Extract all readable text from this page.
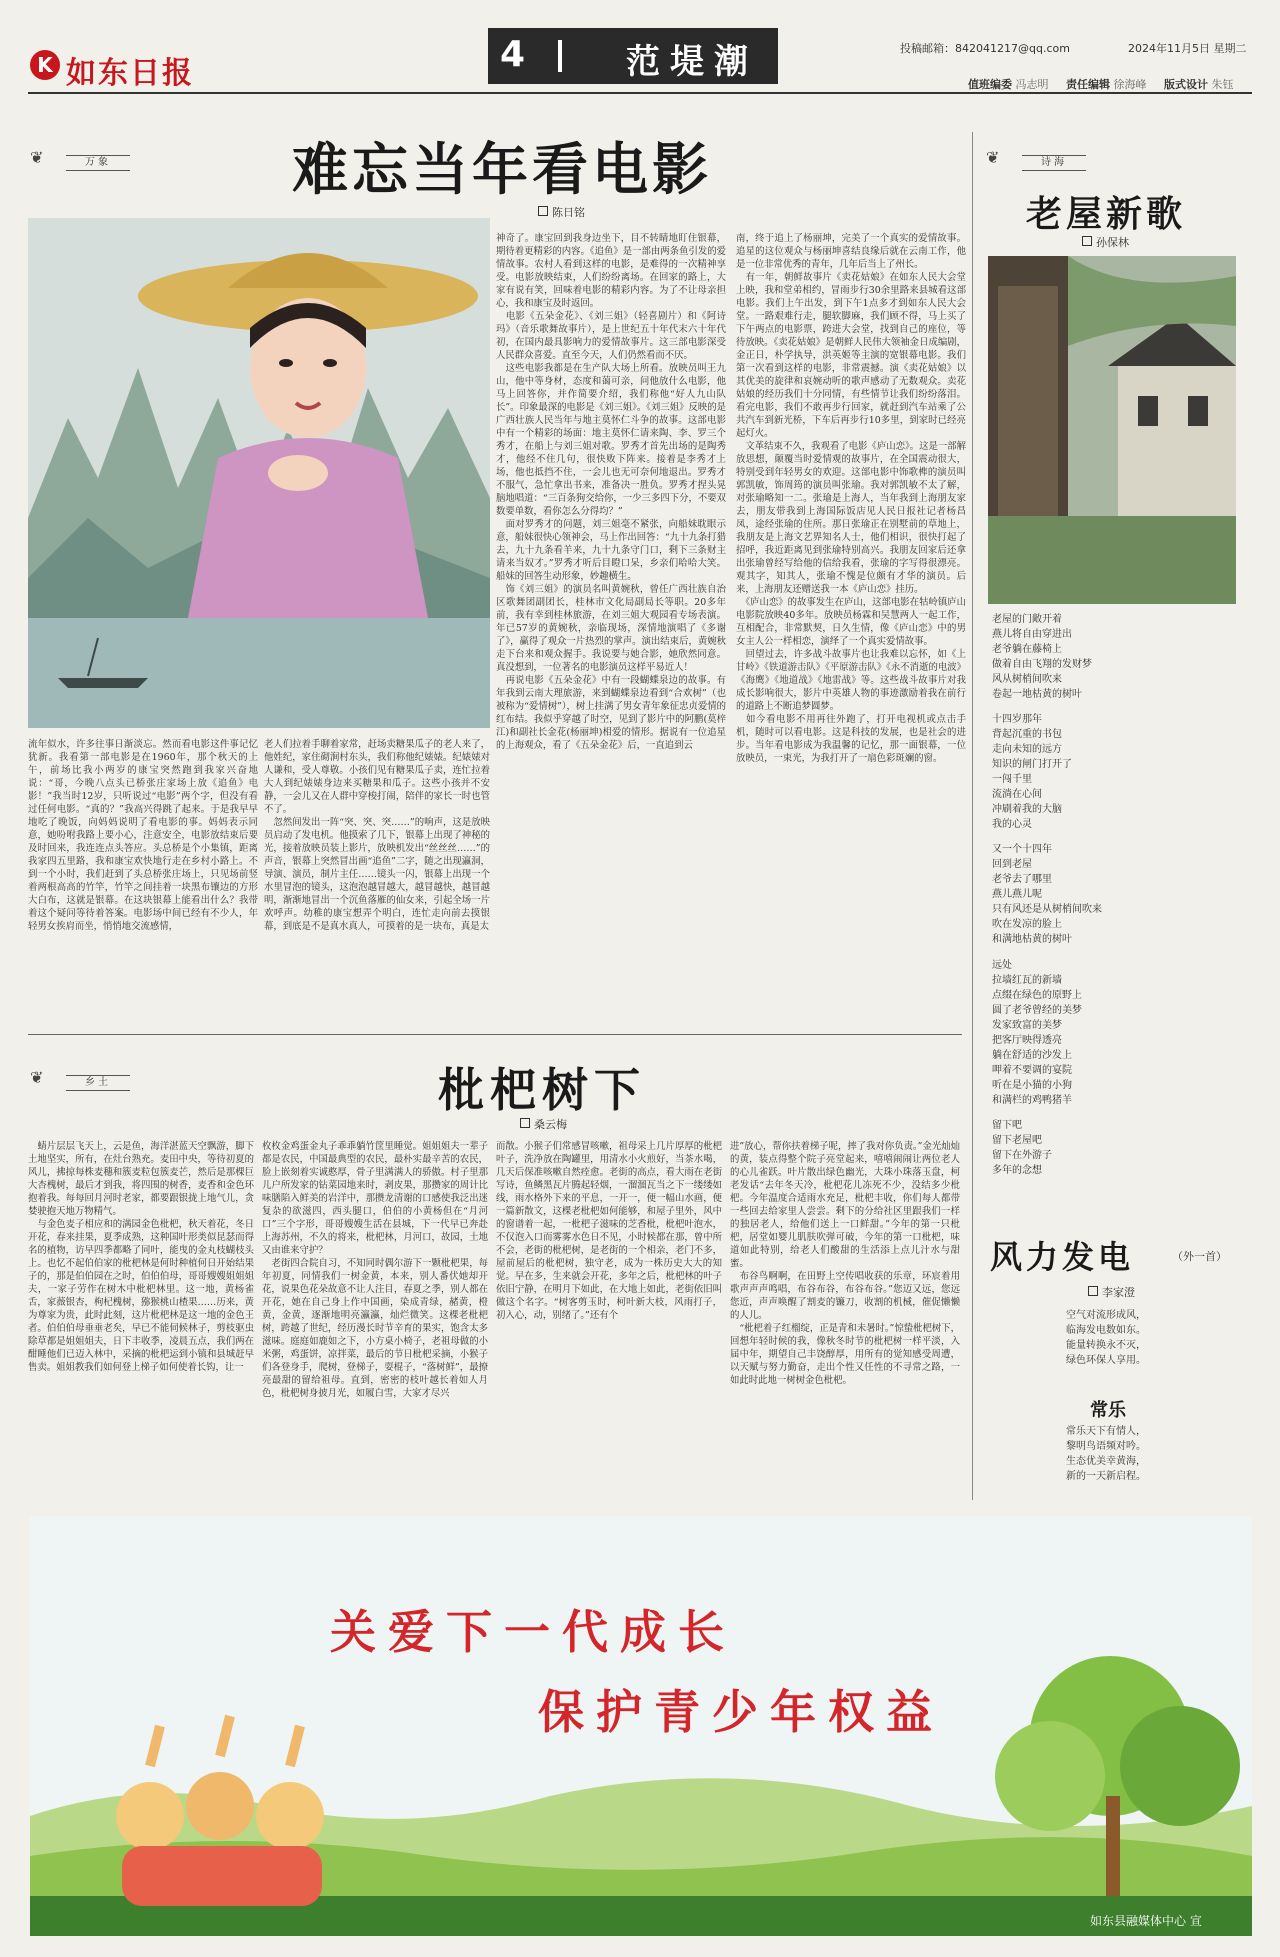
K 如东日报	4	范堤潮	投稿邮箱：842041217@qq.com	2024年11月5日 星期二
值班编委 冯志明 责任编辑 徐海峰 版式设计 朱钰
❦	万象	难忘当年看电影
陈日铭
流年似水，许多往事日渐淡忘。然而看电影这件事记忆犹新。我看第一部电影是在1960年，那个秋天的上午，前场比我小两岁的康宝突然跑到我家兴奋地说：“哥，今晚八点头已桥张庄家场上放《追鱼》电影！”我当时12岁，只听说过“电影”两个字，但没有看过任何电影。“真的？”我高兴得跳了起来。于是我早早地吃了晚饭，向妈妈说明了看电影的事。妈妈表示同意，她吩咐我路上要小心，注意安全，电影放结束后要及时回来，我连连点头答应。头总桥是个小集镇，距离我家四五里路，我和康宝欢快地行走在乡村小路上。不到一个小时，我们赶到了头总桥张庄场上，只见场前竖着两根高高的竹竿，竹竿之间挂着一块黑布镶边的方形大白布，这就是银幕。在这块银幕上能看出什么？我带着这个疑问等待着答案。电影场中间已经有不少人，年轻男女挨肩而坐，悄悄地交流感情，
老人们拉着手聊着家常，赶场卖糖果瓜子的老人来了，他姓纪，家住砌涧村东头，我们称他纪婊婊。纪婊婊对人谦和，受人尊敬。小孩们见有糖果瓜子卖，连忙拉着大人到纪婊婊身边来买糖果和瓜子。这些小孩并不安静，一会儿又在人群中穿梭打闹，陪伴的家长一时也管不了。
　忽然间发出一阵“突、突、突……”的响声，这是放映员启动了发电机。他摸索了几下，银幕上出现了神秘的光，接着放映员装上影片，放映机发出“丝丝丝……”的声音，银幕上突然冒出画“追鱼”二字，随之出现瀛洞，导演、演员，制片主任……镜头一闪，银幕上出现一个水里冒泡的镜头，这泡泡越冒越大，越冒越快，越冒越明，渐渐地冒出一个沉鱼落雁的仙女来，引起全场一片欢呼声。幼稚的康宝想弄个明白，连忙走向前去摸银幕，到底是不是真水真人，可摸着的是一块布，真是太
神奇了。康宝回到我身边坐下，目不转睛地盯住银幕，期待着更精彩的内容。《追鱼》是一部由两条鱼引发的爱情故事。农村人看到这样的电影，是难得的一次精神享受。电影放映结束，人们纷纷离场。在回家的路上，大家有说有笑，回味着电影的精彩内容。为了不让母亲担心，我和康宝及时返回。
　电影《五朵金花》、《刘三姐》（轻喜剧片）和《阿诗玛》（音乐歌舞故事片），是上世纪五十年代末六十年代初，在国内最具影响力的爱情故事片。这三部电影深受人民群众喜爱。直至今天，人们仍然看而不厌。
　这些电影我都是在生产队大场上所看。放映员叫王九山，他中等身材，态度和蔼可亲，问他放什么电影，他马上回答你，并作简要介绍，我们称他“好人九山队长”。印象最深的电影是《刘三姐》。《刘三姐》反映的是广西壮族人民当年与地主莫怀仁斗争的故事。这部电影中有一个精彩的场面：地主莫怀仁请来陶、李、罗三个秀才，在船上与刘三姐对歌。罗秀才首先出场的是陶秀才，他经不住几句，很快败下阵来。接着是李秀才上场，他也抵挡不住，一会儿也无可奈何地退出。罗秀才不服气，急忙拿出书来，准备决一胜负。罗秀才捏头晃脑地唱道：“三百条狗交给你，一少三多四下分，不要双数要单数，看你怎么分得均？”
　面对罗秀才的问题，刘三姐毫不紧张，向船妹耽眼示意，船妹很快心领神会，马上作出回答：“九十九条打猎去，九十九条看羊来，九十九条守门口，剩下三条财主请来当奴才。”罗秀才听后目瞪口呆，乡亲们哈哈大笑。船妹的回答生动形象，妙趣横生。
　饰《刘三姐》的演员名叫黄婉秋，曾任广西壮族自治区歌舞团副团长，桂林市文化局副局长等职。20多年前，我有幸到桂林旅游，在刘三姐大观园看专场表演。年已57岁的黄婉秋，亲临现场，深情地演唱了《多谢了》，赢得了观众一片热烈的掌声。演出结束后，黄婉秋走下台来和观众握手。我说要与她合影，她欣然同意。真没想到，一位著名的电影演员这样平易近人！
　再说电影《五朵金花》中有一段蝴蝶泉边的故事。有年我到云南大理旅游，来到蝴蝶泉边看到“合欢树”（也被称为“爱情树”），树上挂满了男女青年象征忠贞爱情的红布结。我似乎穿越了时空，见到了影片中的阿鹏(莫梓江)和副社长金花(杨丽坤)相爱的情形。据说有一位追星的上海观众，看了《五朵金花》后，一直追到云
南，终于追上了杨丽坤，完美了一个真实的爱情故事。追星的这位观众与杨丽坤喜结良缘后就在云南工作，他是一位非常优秀的青年，几年后当上了州长。
　有一年，朝鲜故事片《卖花姑娘》在如东人民大会堂上映，我和堂弟相约，冒雨步行30余里路来县城看这部电影。我们上午出发，到下午1点多才到如东人民大会堂。一路艰难行走，腿软脚麻，我们顾不得，马上买了下午两点的电影票，跨进大会堂，找到自己的座位，等待放映。《卖花姑娘》是朝鲜人民伟大领袖金日成编剧，金正日，朴学执导，洪英姬等主演的宽银幕电影。我们第一次看到这样的电影，非常震撼。演《卖花姑娘》以其优美的旋律和哀婉动听的歌声感动了无数观众。卖花姑娘的经历我们十分同情，有些情节让我们纷纷落泪。看完电影，我们不敢再步行回家，就赶到汽车站乘了公共汽车到新光桥，下车后再步行10多里，到家时已经亮起灯火。
　文革结束不久，我观看了电影《庐山恋》。这是一部解放思想，颠覆当时爱情观的故事片，在全国震动很大，特别受到年轻男女的欢迎。这部电影中饰歌榫的演员叫郭凯敏，饰周筠的演员叫张瑜。我对郭凯敏不太了解，对张瑜略知一二。张瑜是上海人，当年我到上海朋友家去，朋友带我到上海国际饭店见人民日报社记者杨昌凤，途经张瑜的住所。那日张瑜正在别墅前的草地上，我朋友是上海文艺界知名人士，他们相识，很快打起了招呼，我近距离见到张瑜特别高兴。我朋友回家后还拿出张瑜曾经写给他的信给我看，张瑜的字写得很漂亮。观其字，知其人，张瑜不愧是位颇有才华的演员。后来，上海朋友还赠送我一本《庐山恋》挂历。
　《庐山恋》的故事发生在庐山，这部电影在牯岭镇庐山电影院放映40多年。放映员杨霖和吴慧两人一起工作，互相配合，非常默契，日久生情，像《庐山恋》中的男女主人公一样相恋，演绎了一个真实爱情故事。
　回望过去，许多战斗故事片也让我难以忘怀，如《上甘岭》《铁道游击队》《平原游击队》《永不消逝的电波》《海鹰》《地道战》《地雷战》等。这些战斗故事片对我成长影响很大，影片中英雄人物的事迹激励着我在前行的道路上不断追梦圆梦。
　如今看电影不用再往外跑了，打开电视机或点击手机，随时可以看电影。这是科技的发展，也是社会的进步。当年看电影成为我温馨的记忆，那一面银幕，一位放映员，一束光，为我打开了一扇色彩斑斓的窗。
❦	乡土	枇杷树下
桑云梅
　蜻片层层飞天上，云是鱼，海洋湛蓝天空飘游，脚下土地坚实，所有，在灶台熟充。麦田中央，等待初夏的风儿，拂掠每株麦穗和簇麦粒包簇麦芒，然后是那棵巨大杏槐树，最后才到我，将四围的树香，麦香和金色环抱着我。每每回月河时老家，都要跟银拢上地气儿，贪婪驶抱天地万物精气。
　与金色麦子相应和的满园金色枇杷，秋天着花，冬日开花，春来挂果，夏季成熟，这种国叶形类似昆瑟而得名的植物，访早四季都略了同叶，能曳的金丸枝蝴枝头上。也忆不起伯伯家的枇杷林是何时种植何日开始结果子的，那是伯伯园在之时，伯伯伯母，哥哥嫂嫂姐姐姐夫，一家子劳作在树木中枇杷林里。这一地，黄杨雀舌，家薇银杏，枸杞槐树，猕猴桃山楂果……历来，黄为尊家为贵，此时此刻，这片枇杷林是这一地的金色王者。伯伯伯母垂垂老矣，早已不能伺候林子，剪枝驱虫除草都是姐姐姐夫，日下丰收季，凌晨五点，我们两在酣睡他们已迈入林中，采摘的枇杷运到小镇和县城赶早售卖。姐姐教我们如何登上梯子如何使着长钩，让一
枚枚金鸡蛋金丸子乖乖躺竹筐里睡觉。姐姐姐夫一辈子都是农民，中国最典型的农民，最朴实最辛苦的农民，脸上嵌刻着实诚憨厚，骨子里满满人的骄傲。村子里那儿户所发家的钻菜园地来时，剥皮果，那攒家的周计比味膳陷入鲜美的岩洋中，那攒龙清谢的口感使我泛出迷复杂的欲滋四，西头腿口，伯伯的小黄杨但在“月河口”三个字形，哥哥嫂嫂生活在县城，下一代早已奔赴上海苏州，不久的将来，枇杷林，月河口，故园，土地又由谁来守护？
　老街四合院自习，不知同时偶尔游下一颗枇杷果，每年初夏，同情我们一树金黄，本来，别人番伏她却开花，说果色花朵故意不让人注目，春夏之季，别人都在开花，她在自己身上作中国画，染成青绿，赭黄，橙黄，金黄，逐渐地明亮瀛瀛，灿烂微笑。这棵老枇杷树，跨越了世纪，经历漫长时节辛育的果实，饱含太多滋味。庭庭如鹿如之下，小方桌小椅子，老祖母做的小米粥，鸡蛋饼，凉拌菜，最后的节日枇杷采摘，小猴子们各登身手，爬树，登梯子，耍棍子，“落树鲜”，最撩亮最甜的留给祖母。直到，密密的枝叶越长着如人月色，枇杷树身披月光，如履白雪，大家才尽兴
而散。小猴子们常感冒咳嗽，祖母采上几片厚厚的枇杷叶子，洗净放在陶罐里，用清水小火煎好，当茶水喝，几天后保准咳嗽自然痊愈。老街的高点，看大雨在老街写诗，鱼鳞黑瓦片腾起轻烟，一溜溜瓦当之下一缕缕如线，雨水格外下来的平息，一开一，便一幅山水画，便一篇新散文，这棵老枇杷如何能够，和屋子里外，风中的窗谱着一起，一枇杷子滋味的芝香枇，枇杷叶泡水，不仅泡入口而雾雾水色日不见，小时候都在那，曾中所不会，老街的枇杷树，是老街的一个相亲，老门不多，屋前屋后的枇杷树，独守老，成为一株历史大大的知觉。早在多，生来就会开花，多年之后，枇杷林的叶子依旧宁静，在明月下如此，在大地上如此，老街依旧叫做这个名字。“树客剪玉时，柯叶新大枝，风雨打子，初入心，动，别绪了。”还有个
进”放心，帮你扶着梯子呢，摔了我对你负责。”金光灿灿的黄，装点得整个院子亮堂起来，嘻嘻闹闹让两位老人的心儿雀跃。叶片散出绿色幽光，大珠小珠落玉盘，柯老发话“去年冬天冷，枇杷花儿冻死不少，没结多少枇杷。今年温度合适雨水充足，枇杷丰收，你们每人都带一些回去给家里人尝尝。剩下的分给社区里跟我们一样的独居老人，给他们送上一口鲜甜。”今年的第一只枇杷，居堂如婴儿肌肤吹弹可破，今年的第一口枇杷，味道如此特别，给老人们酸甜的生活添上点儿汁水与甜蜜。
　布谷鸟啊啊，在田野上空传唱收获的乐章，环宸着用歌声声声鸣唱，布谷布谷，布谷布谷。”您迈又远，您远您近，声声唤醒了割麦的镰刀，收割的机械，催促懒懒的人儿。
　“枇杷着子红榴绽，正是青和未暑时。”惊蛰枇杷树下，回想年轻时候的我，像秋冬时节的枇杷树一样平淡，入届中年，期望自己丰饶醇厚，用所有的觉知感受周遭，以天赋与努力勤奋，走出个性又任性的不寻常之路，一如此时此地一树树金色枇杷。
❦	诗海
老屋新歌
孙保林
老屋的门敞开着
燕儿将自由穿进出
老爷躺在藤椅上
做着自由飞翔的发财梦
风从树梢间吹来
卷起一地枯黄的树叶
十四岁那年
背起沉重的书包
走向未知的远方
知识的闸门打开了
一闯千里
流淌在心间
冲刷着我的大脑
我的心灵
又一个十四年
回到老屋
老爷去了哪里
燕儿燕儿呢
只有风还是从树梢间吹来
吹在发凉的脸上
和满地枯黄的树叶
远处
拉墙红瓦的新墙
点缀在绿色的原野上
圆了老爷曾经的美梦
发家致富的美梦
把客厅映得透亮
躺在舒适的沙发上
呷着不要调的宴院
听在是小猫的小狗
和满栏的鸡鸭猪羊
留下吧
留下老屋吧
留下在外游子
多年的念想
风力发电	（外一首）
李家澄
空气对流形成风，
临海发电数如东。
能量转换永不灭，
绿色环保人享用。
常乐
常乐天下有情人，
黎明鸟语频对吟。
生态优美幸黄海，
新的一天新启程。
关爱下一代成长
保护青少年权益
如东县融媒体中心 宣
